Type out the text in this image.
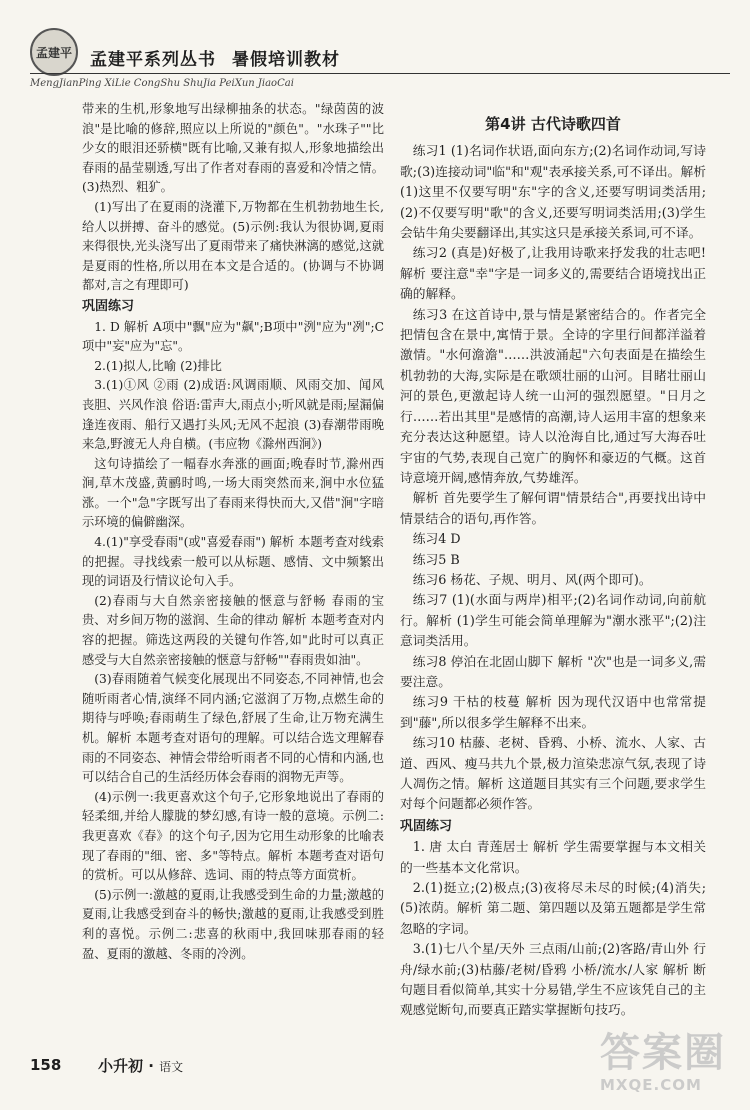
孟建平 孟建平系列丛书 暑假培训教材
MengJianPing XiLie CongShu ShuJia PeiXun JiaoCai

带来的生机,形象地写出绿柳抽条的状态。"绿茵茵的波浪"是比喻的修辞,照应以上所说的"颜色"。"水珠子""比少女的眼泪还骄横"既有比喻,又兼有拟人,形象地描绘出春雨的晶莹剔透,写出了作者对春雨的喜爱和冷情之情。(3)热烈、粗犷。

(1)写出了在夏雨的浇灌下,万物都在生机勃勃地生长,给人以拼搏、奋斗的感觉。(5)示例:我认为很协调,夏雨来得很快,光头浇写出了夏雨带来了痛快淋漓的感觉,这就是夏雨的性格,所以用在本文是合适的。(协调与不协调都对,言之有理即可)

巩固练习

1. D 解析 A项中"飘"应为"飙";B项中"洌"应为"冽";C项中"妄"应为"忘"。

2.(1)拟人,比喻 (2)排比

3.(1)①风 ②雨 (2)成语:风调雨顺、风雨交加、闻风丧胆、兴风作浪 俗语:雷声大,雨点小;听风就是雨;屋漏偏逢连夜雨、船行又遇打头风;无风不起浪 (3)春潮带雨晚来急,野渡无人舟自横。(韦应物《滁州西涧》)

这句诗描绘了一幅春水奔涨的画面;晚春时节,滁州西涧,草木茂盛,黄鹂时鸣,一场大雨突然而来,涧中水位猛涨。一个"急"字既写出了春雨来得快而大,又借"涧"字暗示环境的偏僻幽深。

4.(1)"享受春雨"(或"喜爱春雨") 解析 本题考查对线索的把握。寻找线索一般可以从标题、感情、文中频繁出现的词语及行情议论句入手。

(2)春雨与大自然亲密接触的惬意与舒畅 春雨的宝贵、对乡间万物的滋润、生命的律动 解析 本题考查对内容的把握。筛选这两段的关键句作答,如"此时可以真正感受与大自然亲密接触的惬意与舒畅""春雨贵如油"。

(3)春雨随着气候变化展现出不同姿态,不同神情,也会随听雨者心情,演绎不同内涵;它滋润了万物,点燃生命的期待与呼唤;春雨萌生了绿色,舒展了生命,让万物充满生机。解析 本题考查对语句的理解。可以结合选文理解春雨的不同姿态、神情会带给听雨者不同的心情和内涵,也可以结合自己的生活经历体会春雨的润物无声等。

(4)示例一:我更喜欢这个句子,它形象地说出了春雨的轻柔细,并给人朦胧的梦幻感,有诗一般的意境。示例二:我更喜欢《春》的这个句子,因为它用生动形象的比喻表现了春雨的"细、密、多"等特点。解析 本题考查对语句的赏析。可以从修辞、选词、雨的特点等方面赏析。

(5)示例一:激越的夏雨,让我感受到生命的力量;激越的夏雨,让我感受到奋斗的畅快;激越的夏雨,让我感受到胜利的喜悦。示例二:悲喜的秋雨中,我回味那春雨的轻盈、夏雨的激越、冬雨的冷洌。

第4讲 古代诗歌四首

练习1 (1)名词作状语,面向东方;(2)名词作动词,写诗歌;(3)连接动词"临"和"观"表承接关系,可不译出。解析 (1)这里不仅要写明"东"字的含义,还要写明词类活用;(2)不仅要写明"歌"的含义,还要写明词类活用;(3)学生会钻牛角尖要翻译出,其实这只是承接关系词,可不译。

练习2 (真是)好极了,让我用诗歌来抒发我的壮志吧! 解析 要注意"幸"字是一词多义的,需要结合语境找出正确的解释。

练习3 在这首诗中,景与情是紧密结合的。作者完全把情包含在景中,寓情于景。全诗的字里行间都洋溢着激情。"水何澹澹"……洪波涌起"六句表面是在描绘生机勃勃的大海,实际是在歌颂壮丽的山河。目睹壮丽山河的景色,更激起诗人统一山河的强烈愿望。"日月之行……若出其里"是感情的高潮,诗人运用丰富的想象来充分表达这种愿望。诗人以沧海自比,通过写大海吞吐宇宙的气势,表现自己宽广的胸怀和豪迈的气概。这首诗意境开阔,感情奔放,气势雄浑。

解析 首先要学生了解何谓"情景结合",再要找出诗中情景结合的语句,再作答。

练习4 D

练习5 B

练习6 杨花、子规、明月、风(两个即可)。

练习7 (1)(水面与两岸)相平;(2)名词作动词,向前航行。解析 (1)学生可能会简单理解为"潮水涨平";(2)注意词类活用。

练习8 停泊在北固山脚下 解析 "次"也是一词多义,需要注意。

练习9 干枯的枝蔓 解析 因为现代汉语中也常常提到"藤",所以很多学生解释不出来。

练习10 枯藤、老树、昏鸦、小桥、流水、人家、古道、西风、瘦马共九个景,极力渲染悲凉气氛,表现了诗人凋伤之情。解析 这道题目其实有三个问题,要求学生对每个问题都必须作答。

巩固练习

1. 唐 太白 青莲居士 解析 学生需要掌握与本文相关的一些基本文化常识。

2.(1)挺立;(2)极点;(3)夜将尽未尽的时候;(4)消失;(5)浓荫。解析 第二题、第四题以及第五题都是学生常忽略的字词。

3.(1)七八个星/天外 三点雨/山前;(2)客路/青山外 行舟/绿水前;(3)枯藤/老树/昏鸦 小桥/流水/人家 解析 断句题目看似简单,其实十分易错,学生不应该凭自己的主观感觉断句,而要真正踏实掌握断句技巧。

158 小升初 · 语文	答案圈
MXQE.COM
